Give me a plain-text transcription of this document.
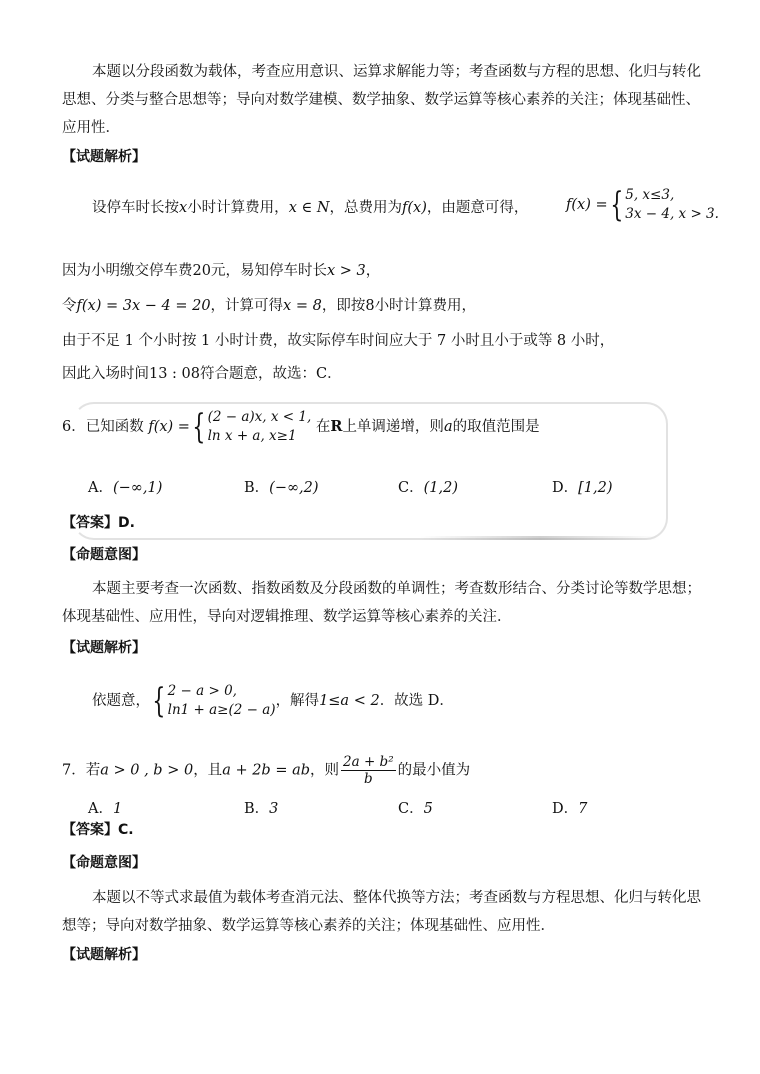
本题以分段函数为载体，考查应用意识、运算求解能力等；考查函数与方程的思想、化归与转化思想、分类与整合思想等；导向对数学建模、数学抽象、数学运算等核心素养的关注；体现基础性、应用性．
【试题解析】
设停车时长按x小时计算费用，x ∈ N，总费用为f(x)，由题意可得，	f(x) ={ 5, x≤3,
3x − 4, x > 3.
因为小明缴交停车费20元，易知停车时长x > 3，
令f(x) = 3x − 4 = 20，计算可得x = 8，即按8小时计算费用，
由于不足 1 个小时按 1 小时计费，故实际停车时间应大于 7 小时且小于或等 8 小时，
因此入场时间13 : 08符合题意，故选：C．
6．已知函数 f(x) ={ (2 − a)x, x < 1,
ln x + a, x≥1 在R上单调递增，则a的取值范围是
A．(−∞,1)	B．(−∞,2)	C．(1,2)	D．[1,2)
【答案】D.
【命题意图】
本题主要考查一次函数、指数函数及分段函数的单调性；考查数形结合、分类讨论等数学思想；体现基础性、应用性，导向对逻辑推理、数学运算等核心素养的关注．
【试题解析】
依题意，{ 2 − a > 0,
ln1 + a≥(2 − a)，解得1≤a < 2．故选 D．
7．若a > 0 , b > 0，且a + 2b = ab，则 $\frac{\text{2a + b²}}{b}$ 的最小值为
A．1	B．3	C．5	D．7
【答案】C.
【命题意图】
本题以不等式求最值为载体考查消元法、整体代换等方法；考查函数与方程思想、化归与转化思想等；导向对数学抽象、数学运算等核心素养的关注；体现基础性、应用性．
【试题解析】
